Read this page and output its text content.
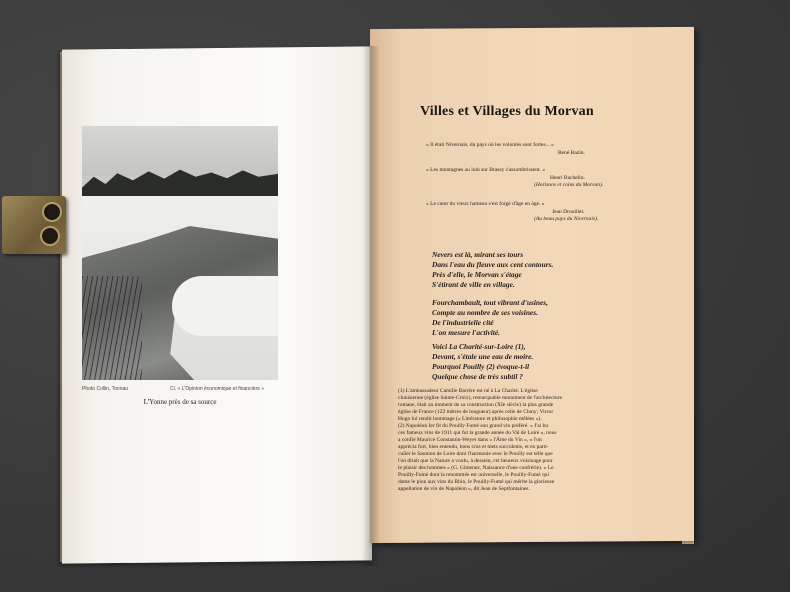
Photo Collin, Tonnau	Cl. « L'Opinion économique et financière »
L'Yonne près de sa source
Villes et Villages du Morvan
« Il était Nivernais, du pays où les volontés sont fortes... »
René Bazin.
« Les montagnes au loin sur Brassy s'assombrissent. »
Henri Bachelin.
(Horizons et coins du Morvan).
« Le cœur du vieux hameau s'est forgé d'âge en âge. »
Jean Drouillet.
(Au beau pays du Nivernais).
Nevers est là, mirant ses tours
Dans l'eau du fleuve aux cent contours.
Près d'elle, le Morvan s'étage
S'étirant de ville en village.
Fourchambault, tout vibrant d'usines,
Compte au nombre de ses voisines.
De l'industrielle cité
L'on mesure l'activité.
Voici La Charité-sur-Loire (1),
Devant, s'étale une eau de moire.
Pourquoi Pouilly (2) évoque-t-il
Quelque chose de très subtil ?
(1) L'ambassadeur Camille Barrère est né à La Charité. L'église
clunisienne (église Sainte-Croix), remarquable monument de l'architecture
romane, était au moment de sa construction (XIe siècle) la plus grande
église de France (122 mètres de longueur) après celle de Cluny; Victor
Hugo lui rendit hommage (« Littérature et philosophie mêlées »).
(2) Napoléon Ier fit du Pouilly Fumé son grand vin préféré. « J'ai bu
ces fameux vins de 1911 qui fut la grande année du Val de Loire », nous
a confié Maurice Constantin-Weyer dans « l'Âme du Vin », « l'on
apprécia fort, bien entendu, bons crus et mets succulents, et en parti-
culier le Saumon de Loire dont l'harmonie avec le Pouilly est telle que
l'on dirait que la Nature a voulu, à dessein, cet heureux voisinage pour
le plaisir des hommes » (G. Gimenez, Naissance d'une confrérie). « Le
Pouilly-Fumé dont la renommée est universelle, le Pouilly-Fumé qui
dame le pion aux vins du Rhin, le Pouilly-Fumé qui mérite la glorieuse
appellation de vin de Napoléon », dit Jean de Septfontaines.
